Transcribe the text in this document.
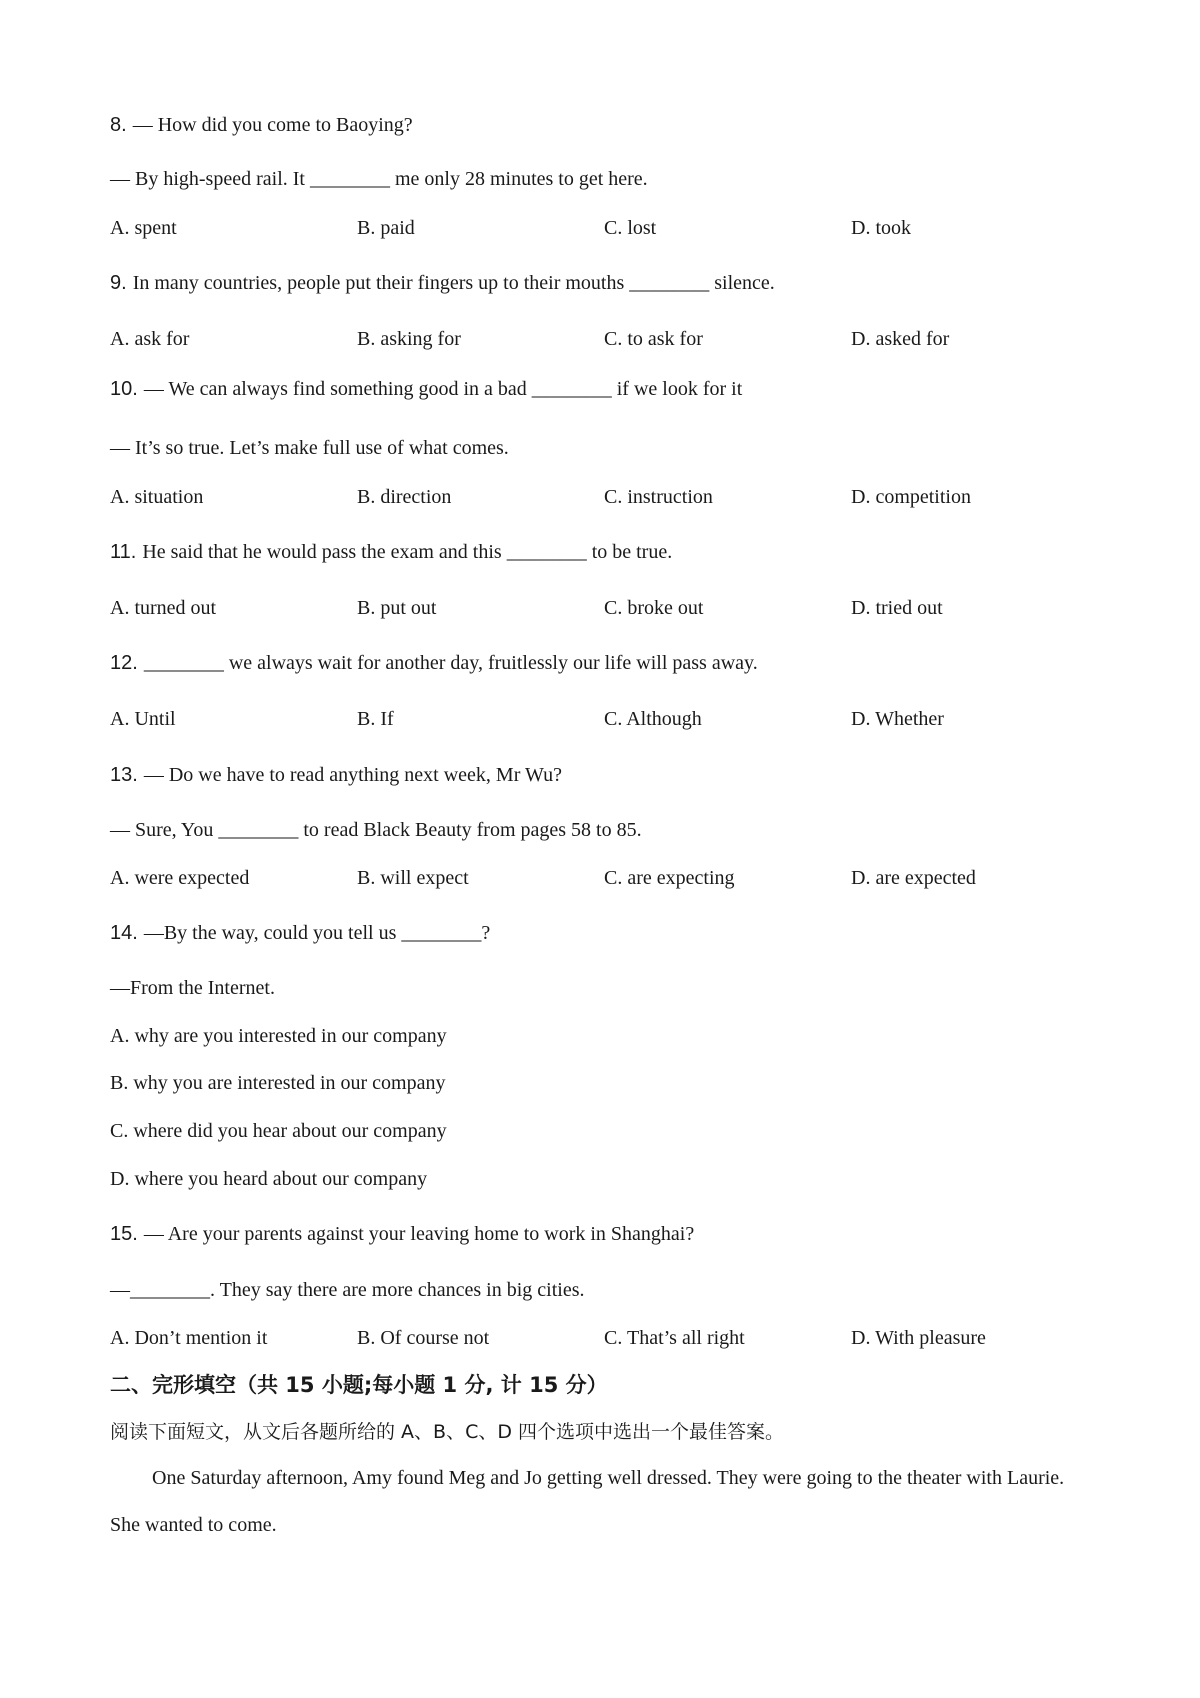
8. — How did you come to Baoying?
— By high-speed rail. It ________ me only 28 minutes to get here.
A. spent	B. paid	C. lost	D. took
9. In many countries, people put their fingers up to their mouths ________ silence.
A. ask for	B. asking for	C. to ask for	D. asked for
10. — We can always find something good in a bad ________ if we look for it
— It’s so true. Let’s make full use of what comes.
A. situation	B. direction	C. instruction	D. competition
11. He said that he would pass the exam and this ________ to be true.
A. turned out	B. put out	C. broke out	D. tried out
12. ________ we always wait for another day, fruitlessly our life will pass away.
A. Until	B. If	C. Although	D. Whether
13. — Do we have to read anything next week, Mr Wu?
— Sure, You ________ to read Black Beauty from pages 58 to 85.
A. were expected	B. will expect	C. are expecting	D. are expected
14. —By the way, could you tell us ________?
—From the Internet.
A. why are you interested in our company
B. why you are interested in our company
C. where did you hear about our company
D. where you heard about our company
15. — Are your parents against your leaving home to work in Shanghai?
—________. They say there are more chances in big cities.
A. Don’t mention it	B. Of course not	C. That’s all right	D. With pleasure
二、完形填空（共 15 小题;每小题 1 分, 计 15 分）
阅读下面短文，从文后各题所给的 A、B、C、D 四个选项中选出一个最佳答案。
One Saturday afternoon, Amy found Meg and Jo getting well dressed. They were going to the theater with Laurie. She wanted to come.
